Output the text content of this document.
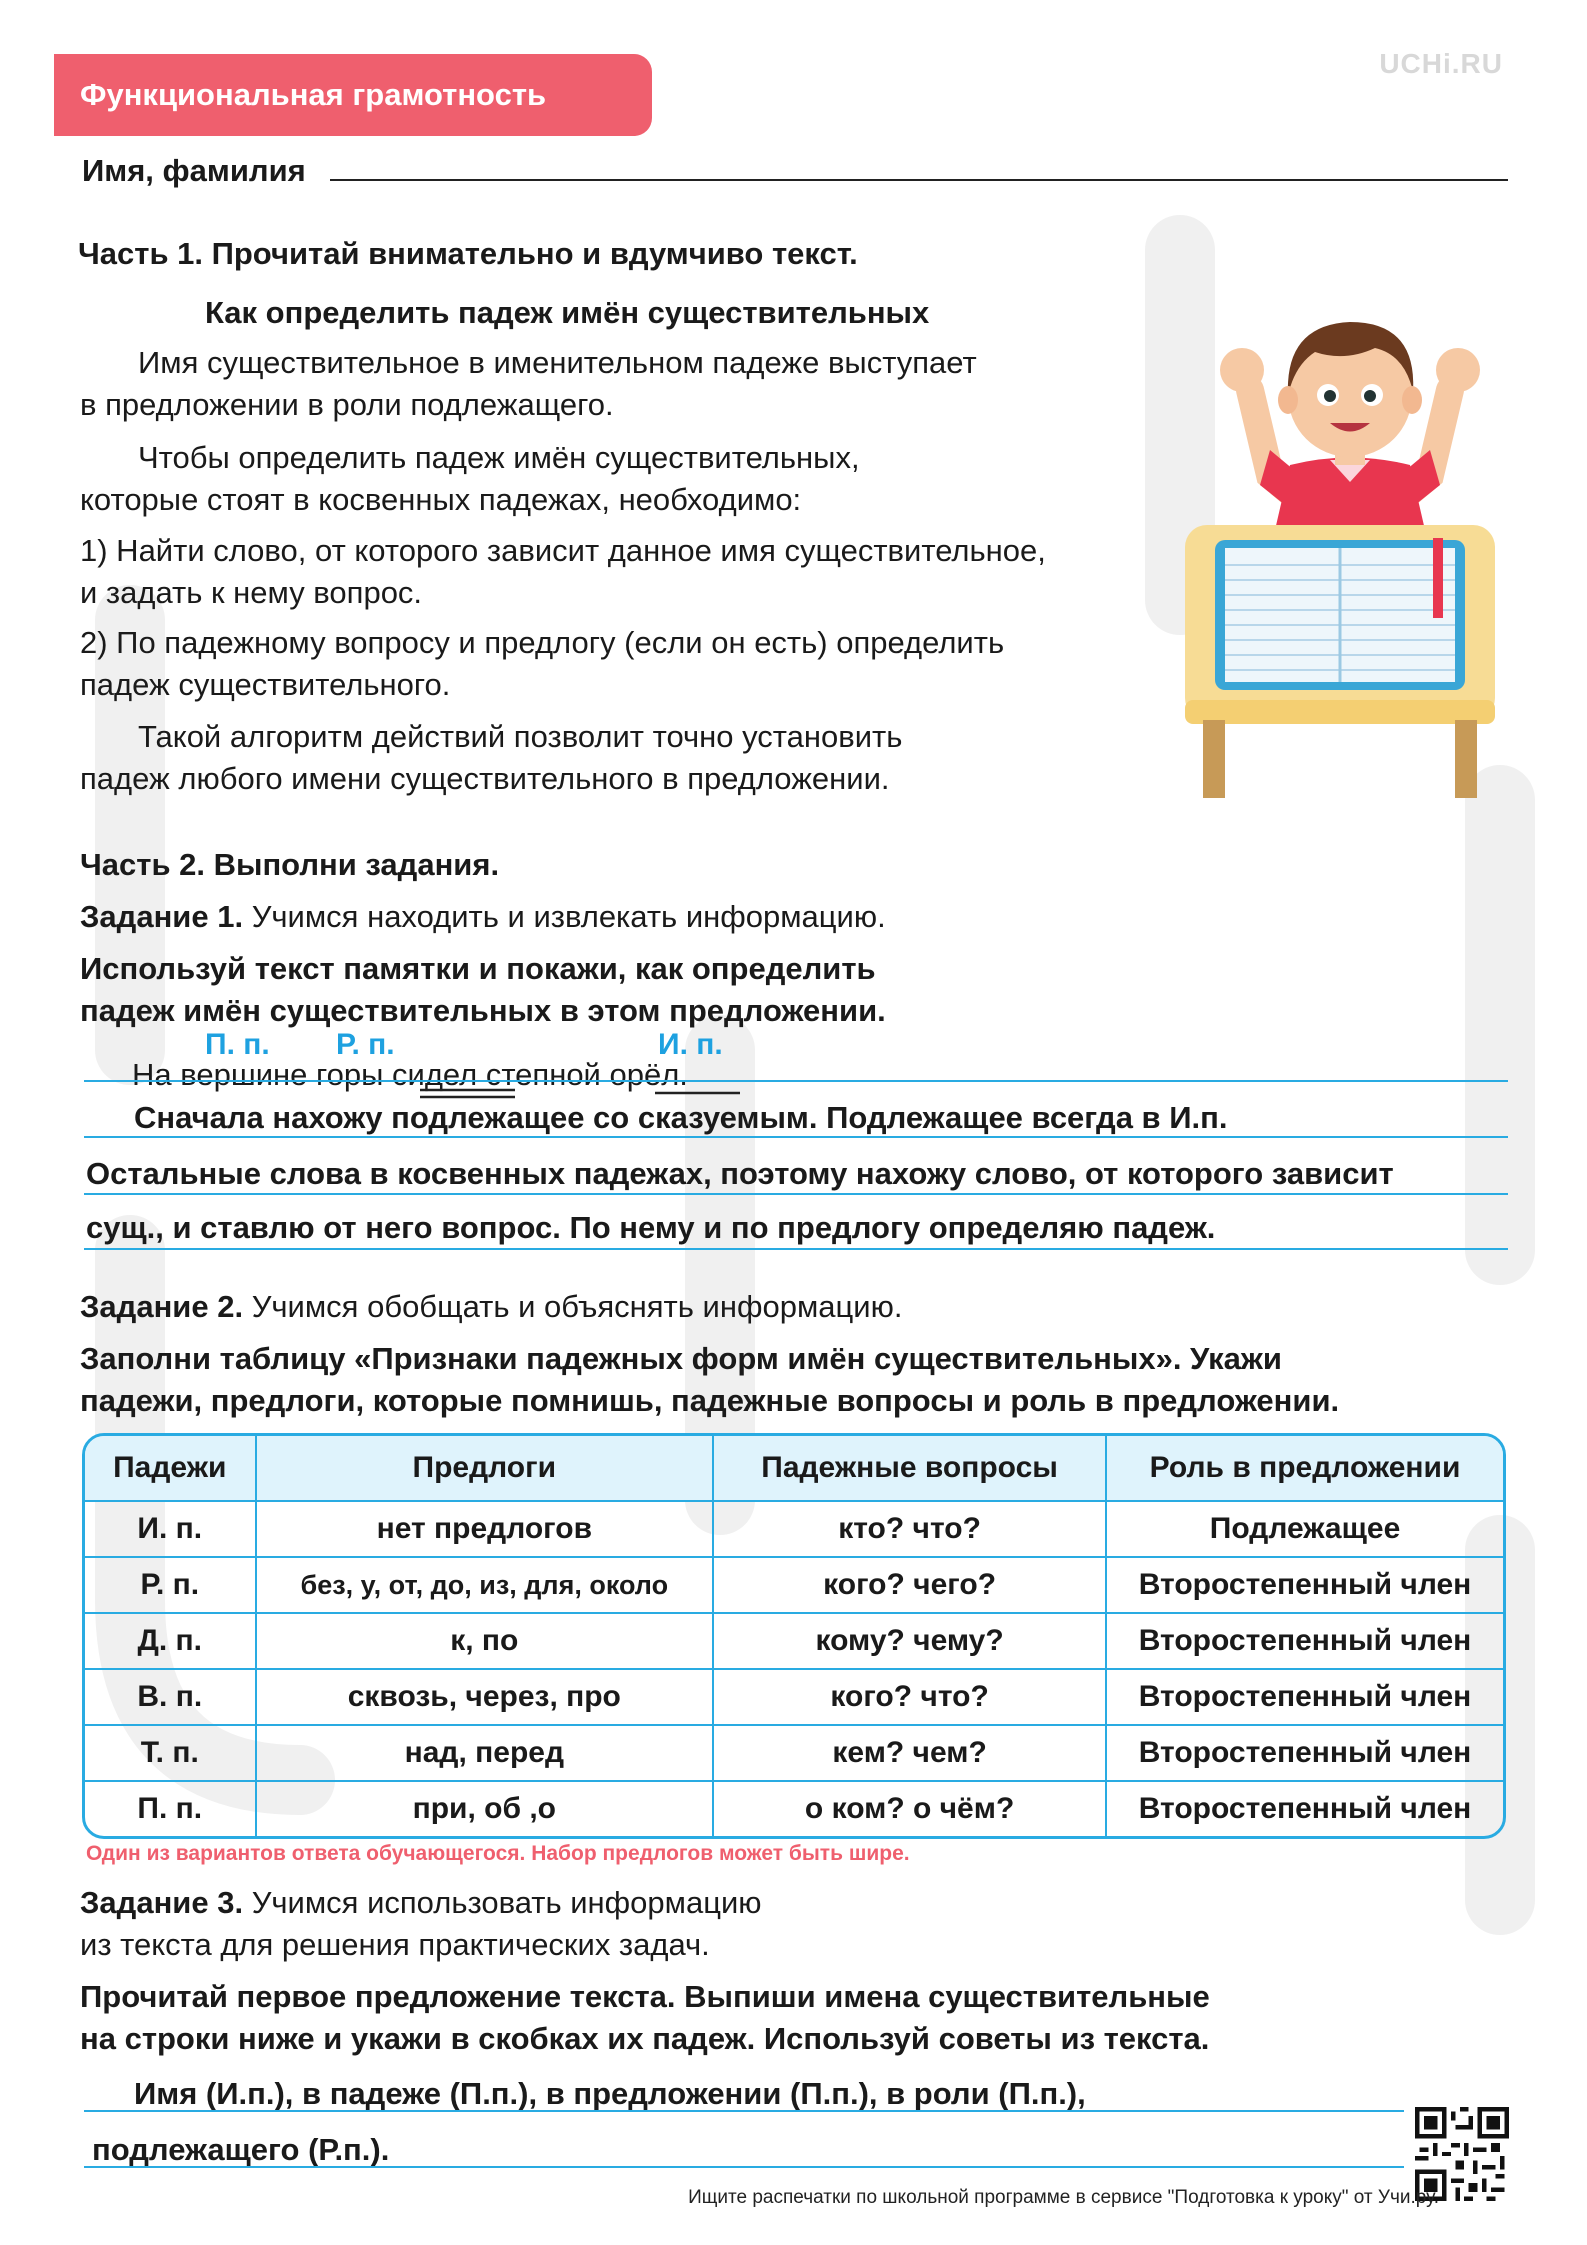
Функциональная грамотность
UCHi.RU
Имя, фамилия
Часть 1. Прочитай внимательно и вдумчиво текст.
Как определить падеж имён существительных
Имя существительное в именительном падеже выступает
в предложении в роли подлежащего.
Чтобы определить падеж имён существительных,
которые стоят в косвенных падежах, необходимо:
1) Найти слово, от которого зависит данное имя существительное,
и задать к нему вопрос.
2) По падежному вопросу и предлогу (если он есть) определить
падеж существительного.
Такой алгоритм действий позволит точно установить
падеж любого имени существительного в предложении.
Часть 2. Выполни задания.
Задание 1. Учимся находить и извлекать информацию.
Используй текст памятки и покажи, как определить
падеж имён существительных в этом предложении.
П. п. Р. п.	И. п.
На вершине горы сидел степной орёл.
Сначала нахожу подлежащее со сказуемым. Подлежащее всегда в И.п.
Остальные слова в косвенных падежах, поэтому нахожу слово, от которого зависит
сущ., и ставлю от него вопрос. По нему и по предлогу определяю падеж.
Задание 2. Учимся обобщать и объяснять информацию.
Заполни таблицу «Признаки падежных форм имён существительных». Укажи
падежи, предлоги, которые помнишь, падежные вопросы и роль в предложении.
Падежи	Предлоги	Падежные вопросы	Роль в предложении
И. п.	нет предлогов	кто? что?	Подлежащее
Р. п.	без, у, от, до, из, для, около	кого? чего?	Второстепенный член
Д. п.	к, по	кому? чему?	Второстепенный член
В. п.	сквозь, через, про	кого? что?	Второстепенный член
Т. п.	над, перед	кем? чем?	Второстепенный член
П. п.	при, об ,о	о ком? о чём?	Второстепенный член
Один из вариантов ответа обучающегося. Набор предлогов может быть шире.
Задание 3. Учимся использовать информацию
из текста для решения практических задач.
Прочитай первое предложение текста. Выпиши имена существительные
на строки ниже и укажи в скобках их падеж. Используй советы из текста.
Имя (И.п.), в падеже (П.п.), в предложении (П.п.), в роли (П.п.),
подлежащего (Р.п.).
Ищите распечатки по школьной программе в сервисе "Подготовка к уроку" от Учи.ру.
